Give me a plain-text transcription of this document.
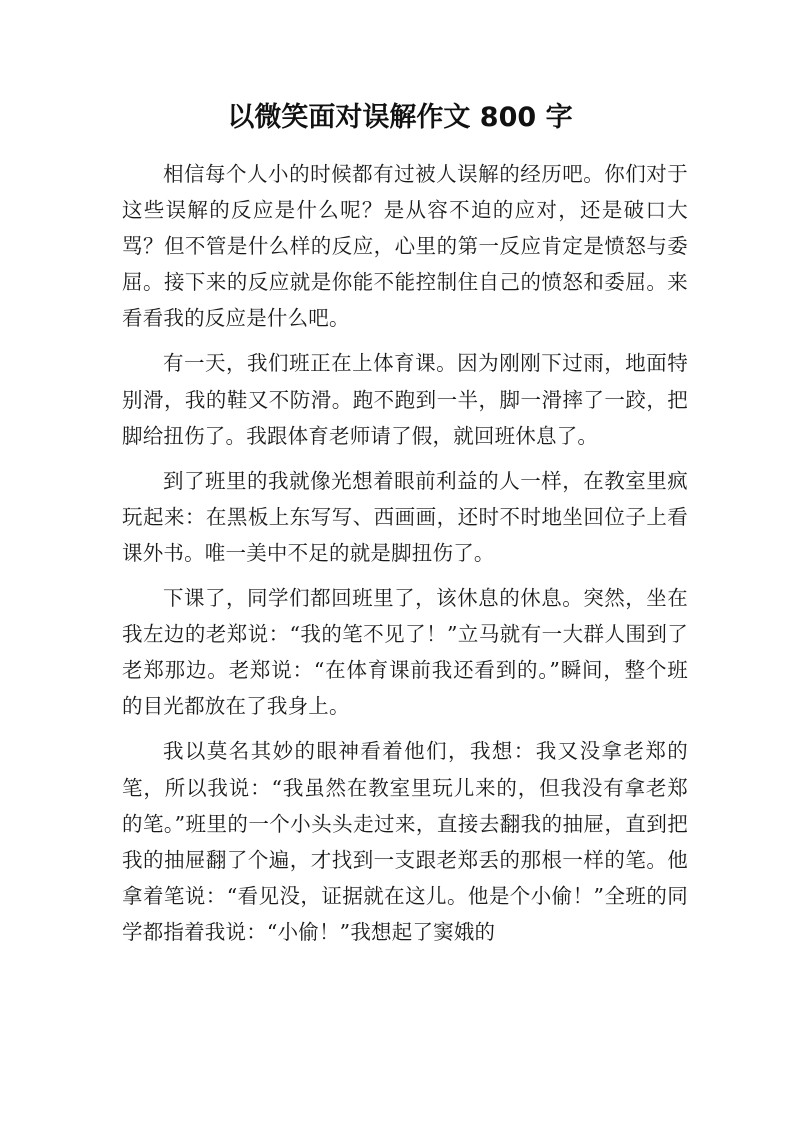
以微笑面对误解作文 800 字

相信每个人小的时候都有过被人误解的经历吧。你们对于这些误解的反应是什么呢？是从容不迫的应对，还是破口大骂？但不管是什么样的反应，心里的第一反应肯定是愤怒与委屈。接下来的反应就是你能不能控制住自己的愤怒和委屈。来看看我的反应是什么吧。

有一天，我们班正在上体育课。因为刚刚下过雨，地面特别滑，我的鞋又不防滑。跑不跑到一半，脚一滑摔了一跤，把脚给扭伤了。我跟体育老师请了假，就回班休息了。

到了班里的我就像光想着眼前利益的人一样，在教室里疯玩起来：在黑板上东写写、西画画，还时不时地坐回位子上看课外书。唯一美中不足的就是脚扭伤了。

下课了，同学们都回班里了，该休息的休息。突然，坐在我左边的老郑说：“我的笔不见了！”立马就有一大群人围到了老郑那边。老郑说：“在体育课前我还看到的。”瞬间，整个班的目光都放在了我身上。

我以莫名其妙的眼神看着他们，我想：我又没拿老郑的笔，所以我说：“我虽然在教室里玩儿来的，但我没有拿老郑的笔。”班里的一个小头头走过来，直接去翻我的抽屉，直到把我的抽屉翻了个遍，才找到一支跟老郑丢的那根一样的笔。他拿着笔说：“看见没，证据就在这儿。他是个小偷！”全班的同学都指着我说：“小偷！”我想起了窦娥的
